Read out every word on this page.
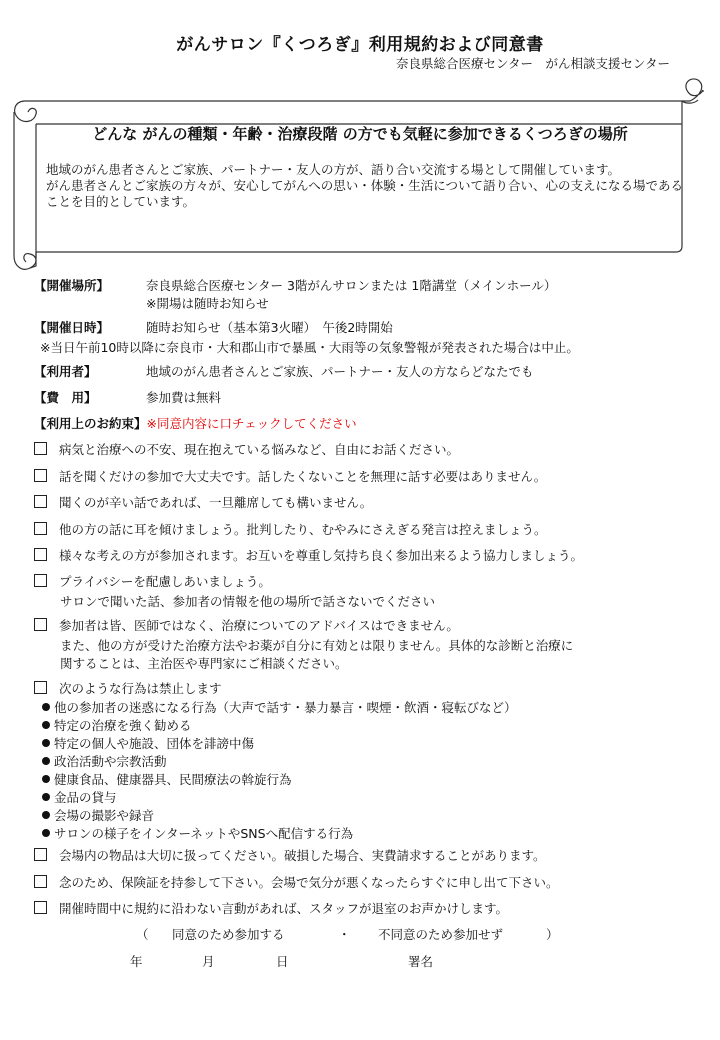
がんサロン『くつろぎ』利用規約および同意書
奈良県総合医療センター　がん相談支援センター
どんな がんの種類・年齢・治療段階 の方でも気軽に参加できるくつろぎの場所
地域のがん患者さんとご家族、パートナー・友人の方が、語り合い交流する場として開催しています。
がん患者さんとご家族の方々が、安心してがんへの思い・体験・生活について語り合い、心の支えになる場であることを目的としています。
【開催場所】	奈良県総合医療センター 3階がんサロンまたは 1階講堂（メインホール）
※開場は随時お知らせ
【開催日時】	随時お知らせ（基本第3火曜）　午後2時開始
※当日午前10時以降に奈良市・大和郡山市で暴風・大雨等の気象警報が発表された場合は中止。
【利用者】	地域のがん患者さんとご家族、パートナー・友人の方ならどなたでも
【費　用】	参加費は無料
【利用上のお約束】※同意内容に口チェックしてください
病気と治療への不安、現在抱えている悩みなど、自由にお話ください。
話を聞くだけの参加で大丈夫です。話したくないことを無理に話す必要はありません。
聞くのが辛い話であれば、一旦離席しても構いません。
他の方の話に耳を傾けましょう。批判したり、むやみにさえぎる発言は控えましょう。
様々な考えの方が参加されます。お互いを尊重し気持ち良く参加出来るよう協力しましょう。
プライバシーを配慮しあいましょう。
サロンで聞いた話、参加者の情報を他の場所で話さないでください
参加者は皆、医師ではなく、治療についてのアドバイスはできません。
また、他の方が受けた治療方法やお薬が自分に有効とは限りません。具体的な診断と治療に
関することは、主治医や専門家にご相談ください。
次のような行為は禁止します
他の参加者の迷惑になる行為（大声で話す・暴力暴言・喫煙・飲酒・寝転びなど）
特定の治療を強く勧める
特定の個人や施設、団体を誹謗中傷
政治活動や宗教活動
健康食品、健康器具、民間療法の斡旋行為
金品の貸与
会場の撮影や録音
サロンの様子をインターネットやSNSへ配信する行為
会場内の物品は大切に扱ってください。破損した場合、実費請求することがあります。
念のため、保険証を持参して下さい。会場で気分が悪くなったらすぐに申し出て下さい。
開催時間中に規約に沿わない言動があれば、スタッフが退室のお声かけします。
（ 同意のため参加する	・ 不同意のため参加せず	）
年	月	日	署名
